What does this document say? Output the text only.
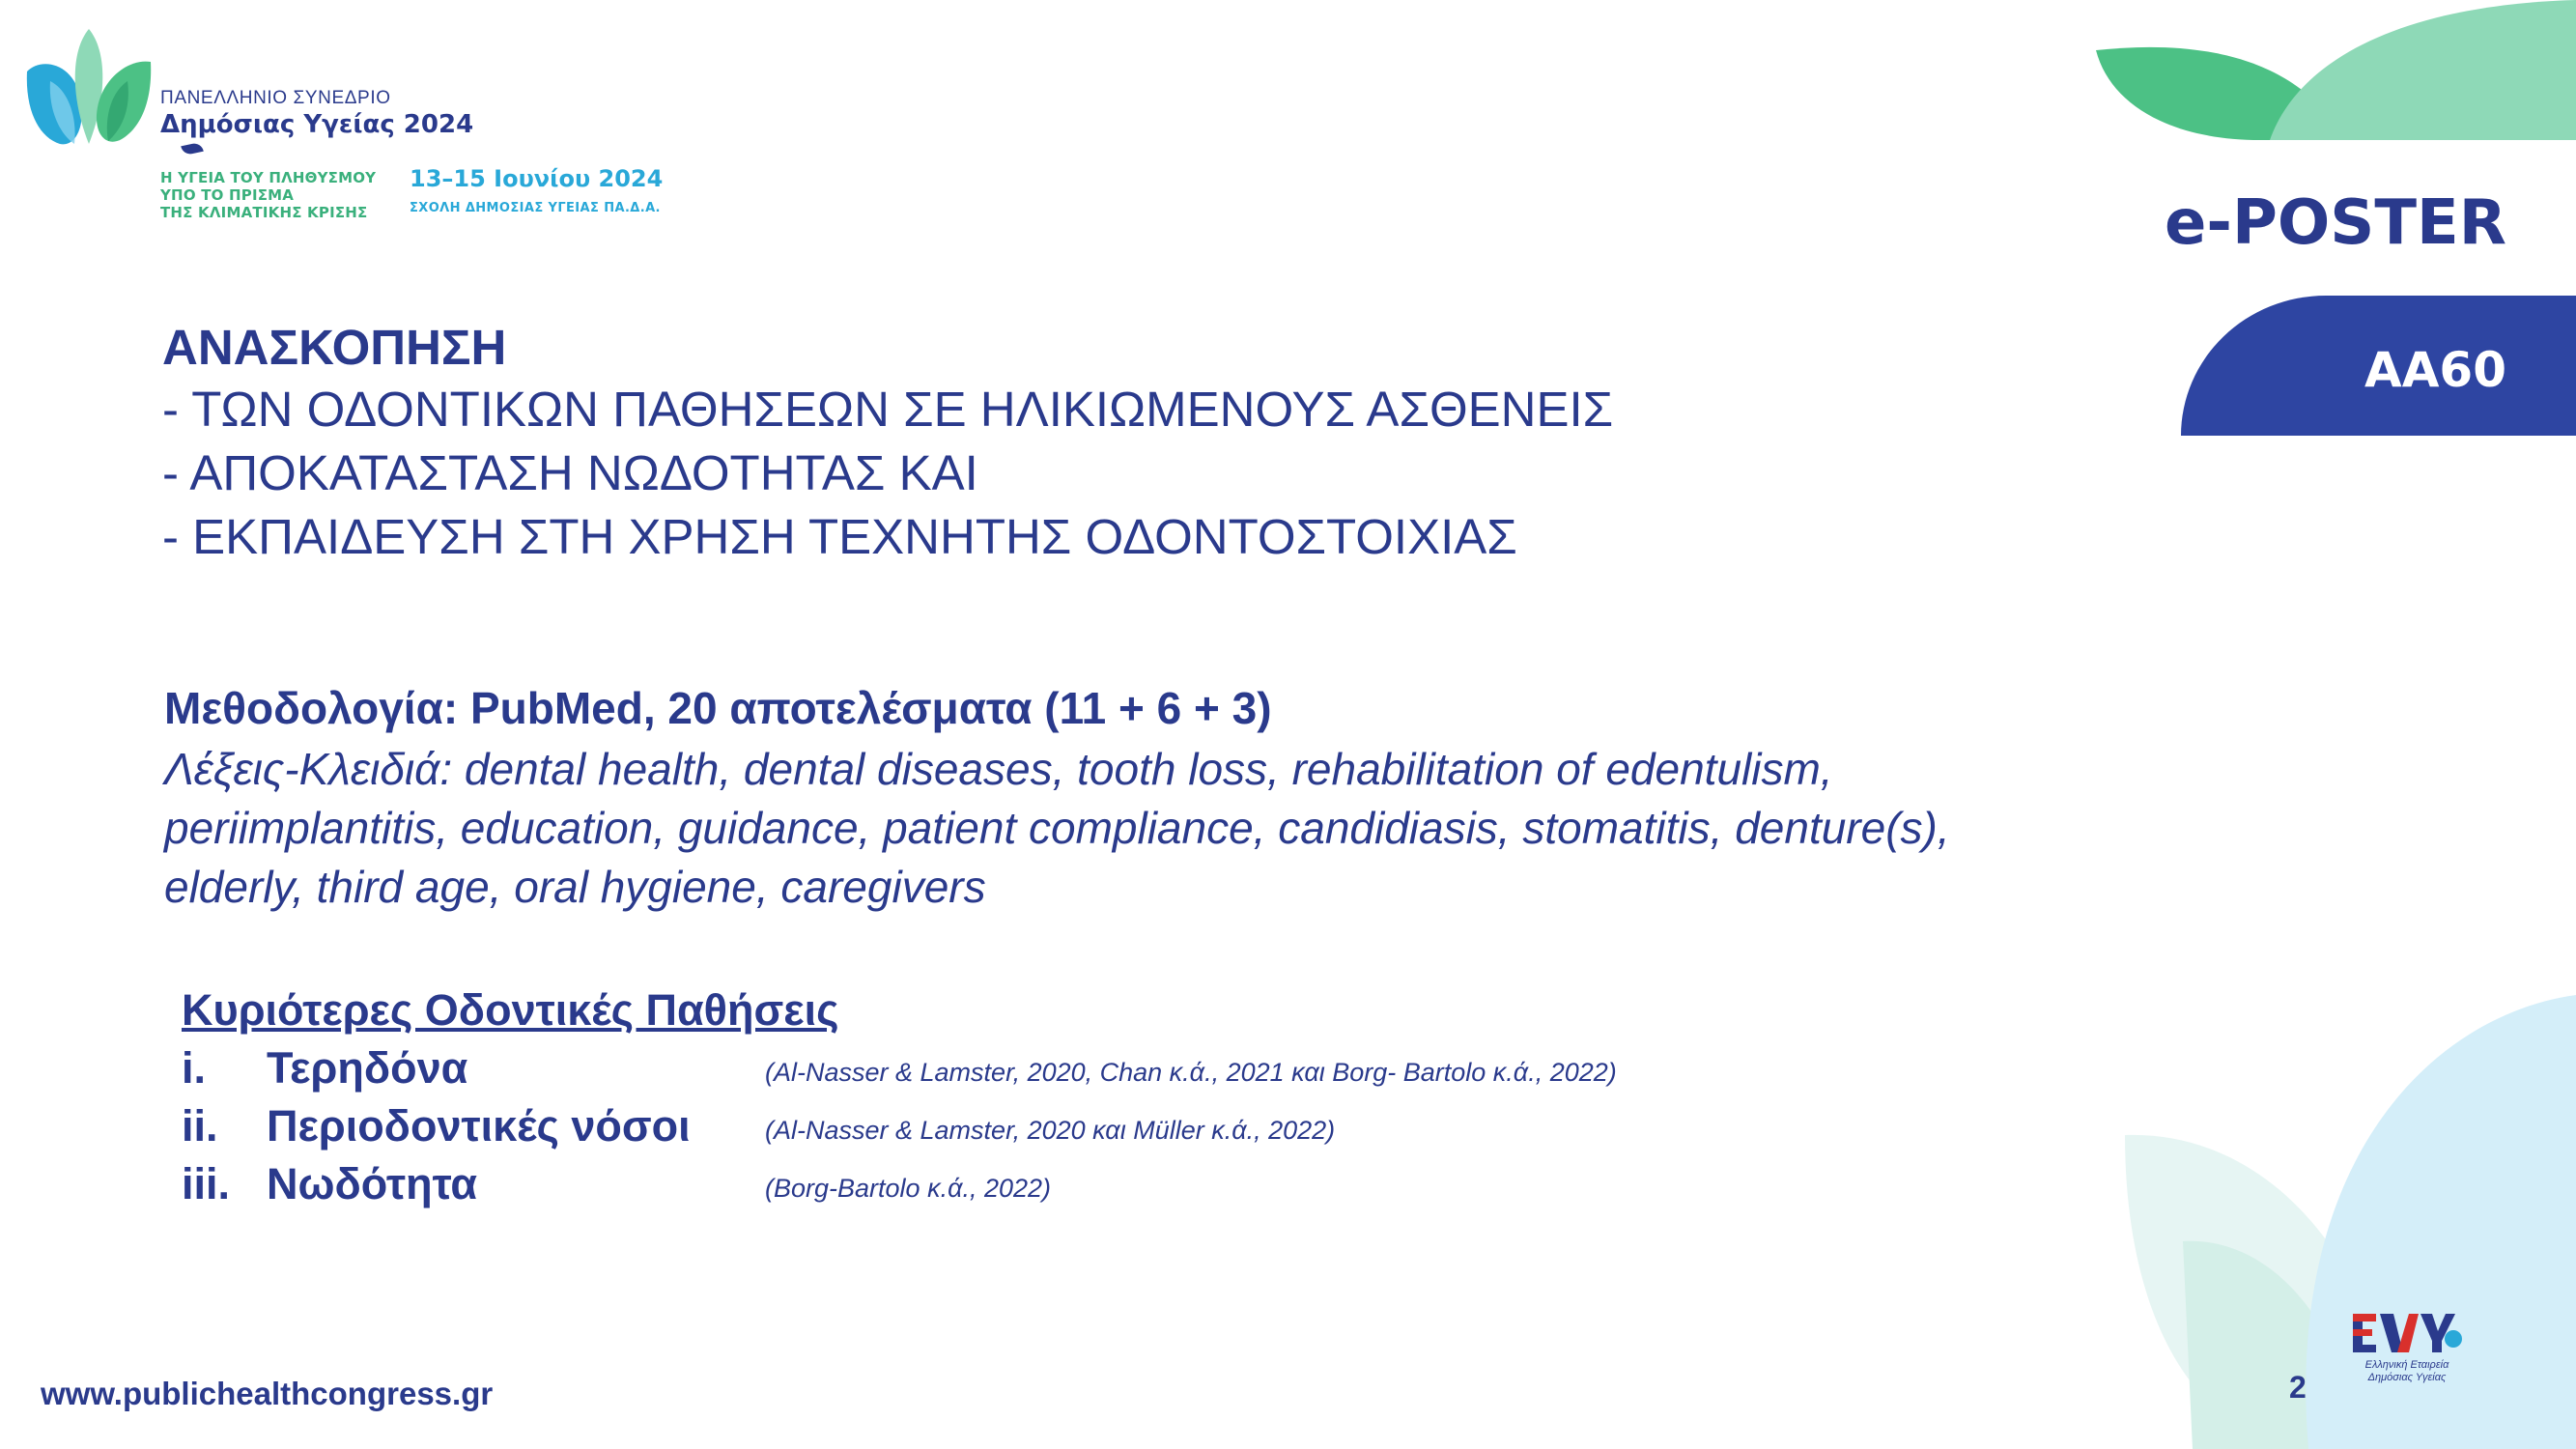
ΠΑΝΕΛΛΗΝΙΟ ΣΥΝΕΔΡΙΟ
Δημόσιας Υγείας 2024
Η ΥΓΕΙΑ ΤΟΥ ΠΛΗΘΥΣΜΟΥ
ΥΠΟ ΤΟ ΠΡΙΣΜΑ
ΤΗΣ ΚΛΙΜΑΤΙΚΗΣ ΚΡΙΣΗΣ
13–15 Ιουνίου 2024
ΣΧΟΛΗ ΔΗΜΟΣΙΑΣ ΥΓΕΙΑΣ ΠΑ.Δ.Α.	e-POSTER
ΑΑ60
ΑΝΑΣΚΟΠΗΣΗ
- ΤΩΝ ΟΔΟΝΤΙΚΩΝ ΠΑΘΗΣΕΩΝ ΣΕ ΗΛΙΚΙΩΜΕΝΟΥΣ ΑΣΘΕΝΕΙΣ
- ΑΠΟΚΑΤΑΣΤΑΣΗ ΝΩΔΟΤΗΤΑΣ ΚΑΙ
- ΕΚΠΑΙΔΕΥΣΗ ΣΤΗ ΧΡΗΣΗ ΤΕΧΝΗΤΗΣ ΟΔΟΝΤΟΣΤΟΙΧΙΑΣ
Μεθοδολογία: PubMed, 20 αποτελέσματα (11 + 6 + 3)
Λέξεις-Κλειδιά: dental health, dental diseases, tooth loss, rehabilitation of edentulism, periimplantitis, education, guidance, patient compliance, candidiasis, stomatitis, denture(s), elderly, third age, oral hygiene, caregivers
Κυριότερες Οδοντικές Παθήσεις
i. Τερηδόνα	(Al-Nasser & Lamster, 2020, Chan κ.ά., 2021 και Borg- Bartolo κ.ά., 2022)
ii. Περιοδοντικές νόσοι	(Al-Nasser & Lamster, 2020 και Müller κ.ά., 2022)
iii. Νωδότητα	(Borg-Bartolo κ.ά., 2022)
www.publichealthcongress.gr	2
Ελληνική Εταιρεία Δημόσιας Υγείας
